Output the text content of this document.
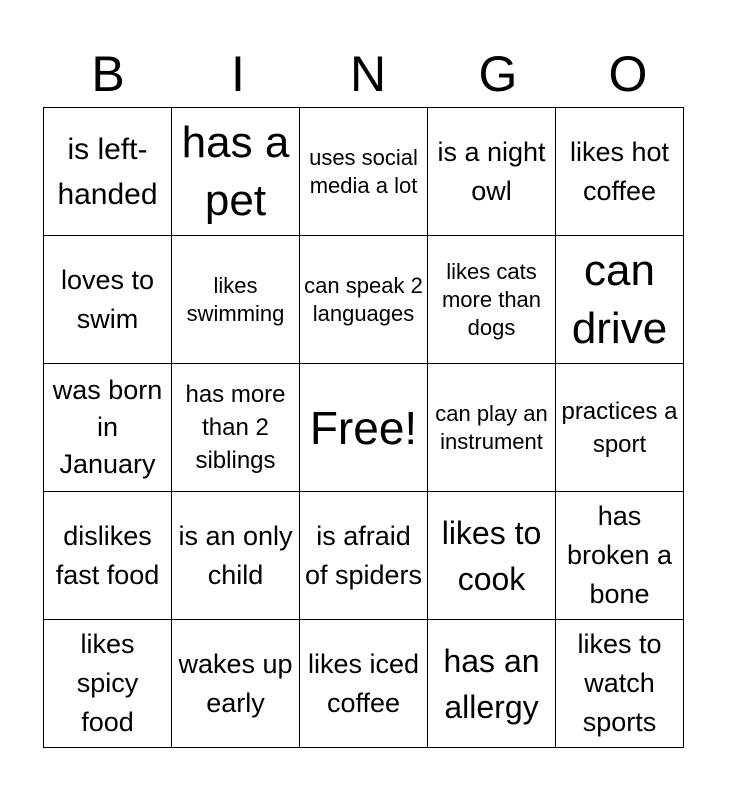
B	I	N	G	O
is left-handed	has a pet	uses social media a lot	is a night owl	likes hot coffee

loves to swim	likes swimming	can speak 2 languages	likes cats more than dogs	can drive

was born in January	has more than 2 siblings	Free!	can play an instrument	practices a sport

dislikes fast food	is an only child	is afraid of spiders	likes to cook	has broken a bone

likes spicy food	wakes up early	likes iced coffee	has an allergy	likes to watch sports
